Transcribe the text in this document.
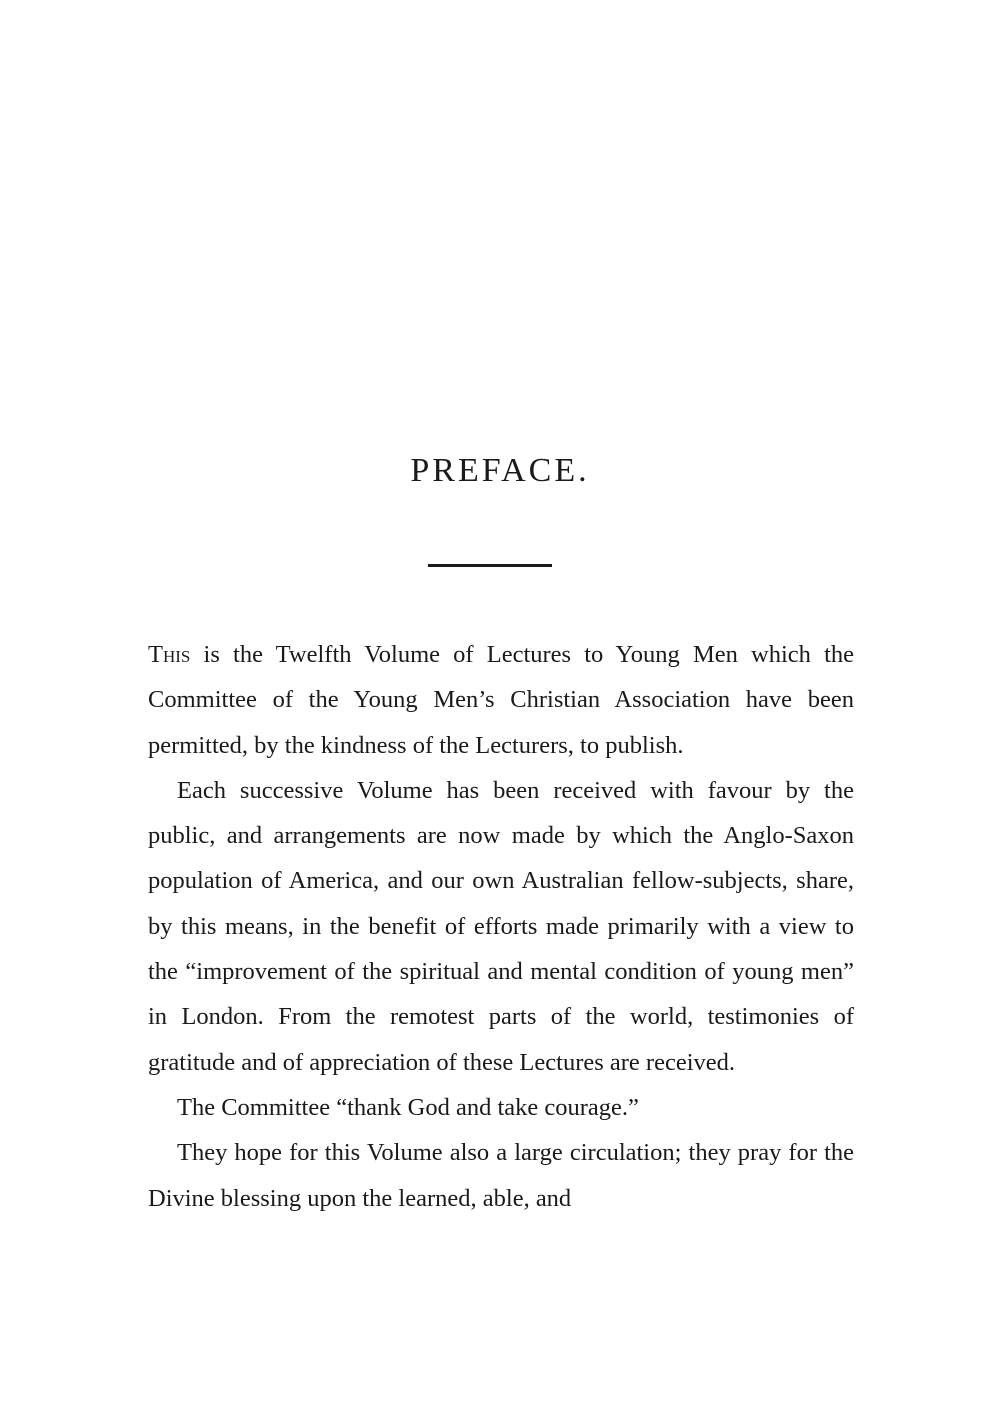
PREFACE.

This is the Twelfth Volume of Lectures to Young Men which the Committee of the Young Men’s Christian Association have been permitted, by the kindness of the Lecturers, to publish.

Each successive Volume has been received with favour by the public, and arrangements are now made by which the Anglo-Saxon population of America, and our own Australian fellow-subjects, share, by this means, in the benefit of efforts made primarily with a view to the “improvement of the spiritual and mental condition of young men” in London. From the remotest parts of the world, testimonies of gratitude and of appreciation of these Lectures are received.

The Committee “thank God and take courage.”

They hope for this Volume also a large circulation; they pray for the Divine blessing upon the learned, able, and
